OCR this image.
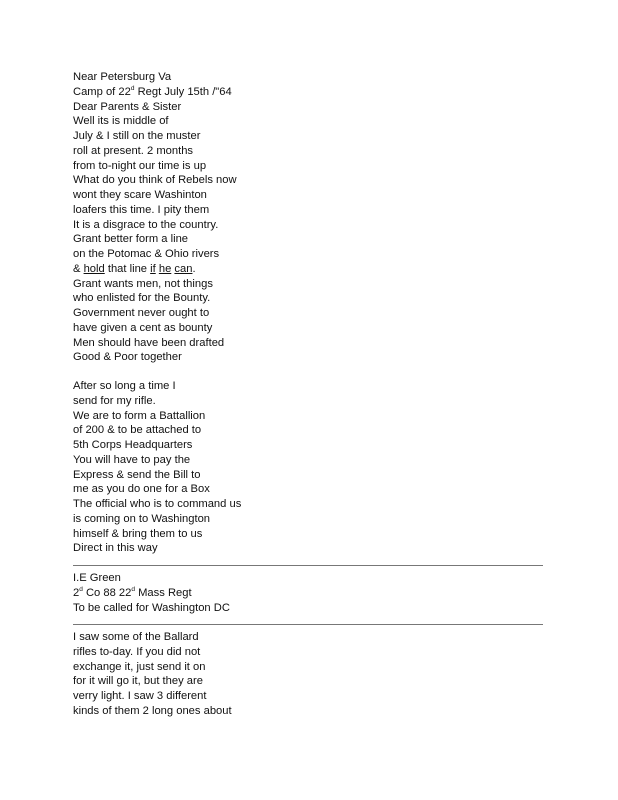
Near Petersburg Va
Camp of 22$^d$ Regt July 15th /"64
Dear Parents & Sister
Well its is middle of
July & I still on the muster
roll at present. 2 months
from to-night our time is up
What do you think of Rebels now
wont they scare Washinton
loafers this time. I pity them
It is a disgrace to the country.
Grant better form a line
on the Potomac & Ohio rivers
& hold that line if he can.
Grant wants men, not things
who enlisted for the Bounty.
Government never ought to
have given a cent as bounty
Men should have been drafted
Good & Poor together
After so long a time I
send for my rifle.
We are to form a Battallion
of 200 & to be attached to
5th Corps Headquarters
You will have to pay the
Express & send the Bill to
me as you do one for a Box
The official who is to command us
is coming on to Washington
himself & bring them to us
Direct in this way
I.E Green
2$^d$ Co 88 22$^d$ Mass Regt
To be called for Washington DC
I saw some of the Ballard
rifles to-day. If you did not
exchange it, just send it on
for it will go it, but they are
verry light. I saw 3 different
kinds of them 2 long ones about
